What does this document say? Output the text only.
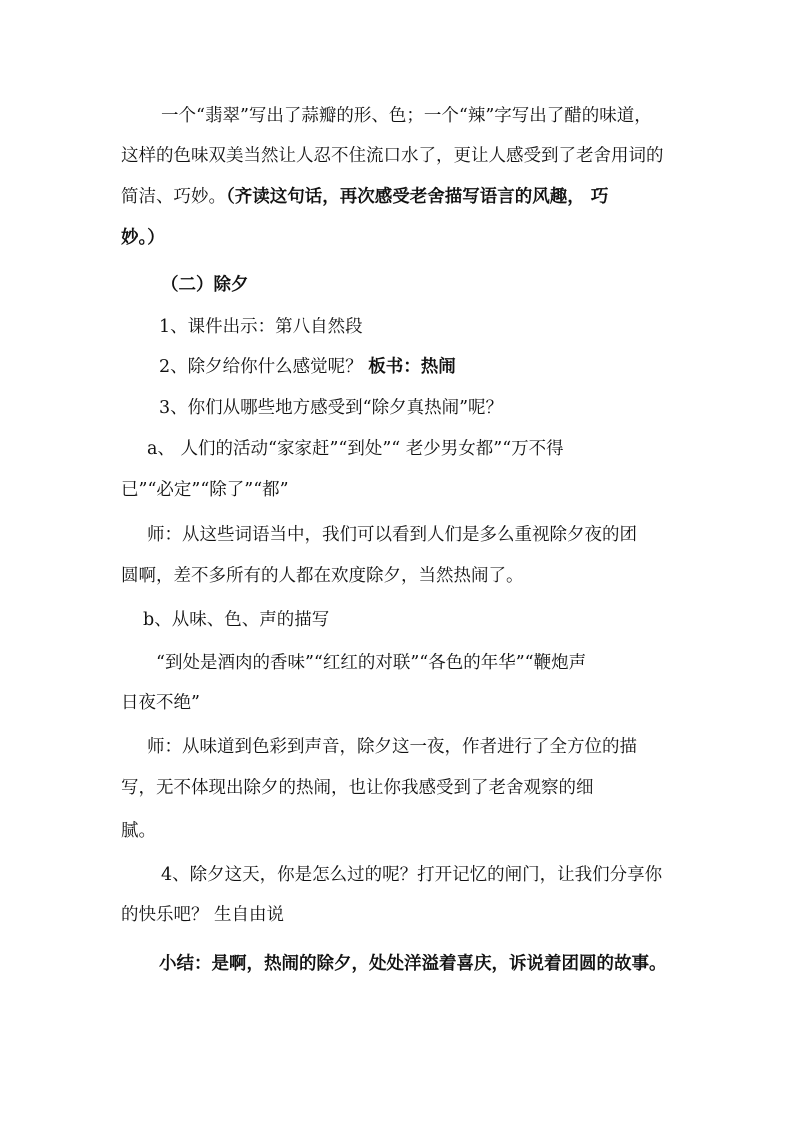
一个“翡翠”写出了蒜瓣的形、色；一个“辣”字写出了醋的味道，
这样的色味双美当然让人忍不住流口水了，更让人感受到了老舍用词的
简洁、巧妙。（齐读这句话，再次感受老舍描写语言的风趣， 巧
妙。）
（二）除夕
1、课件出示：第八自然段
2、除夕给你什么感觉呢？ 板书：热闹
3、你们从哪些地方感受到“除夕真热闹”呢？
a、 人们的活动“家家赶”“到处”“ 老少男女都”“万不得
已”“必定”“除了”“都”
师：从这些词语当中，我们可以看到人们是多么重视除夕夜的团
圆啊，差不多所有的人都在欢度除夕，当然热闹了。
b、从味、色、声的描写
“到处是酒肉的香味”“红红的对联”“各色的年华”“鞭炮声
日夜不绝”
师：从味道到色彩到声音，除夕这一夜，作者进行了全方位的描
写，无不体现出除夕的热闹，也让你我感受到了老舍观察的细
腻。
4、除夕这天，你是怎么过的呢？打开记忆的闸门，让我们分享你
的快乐吧？ 生自由说
小结：是啊，热闹的除夕，处处洋溢着喜庆，诉说着团圆的故事。
